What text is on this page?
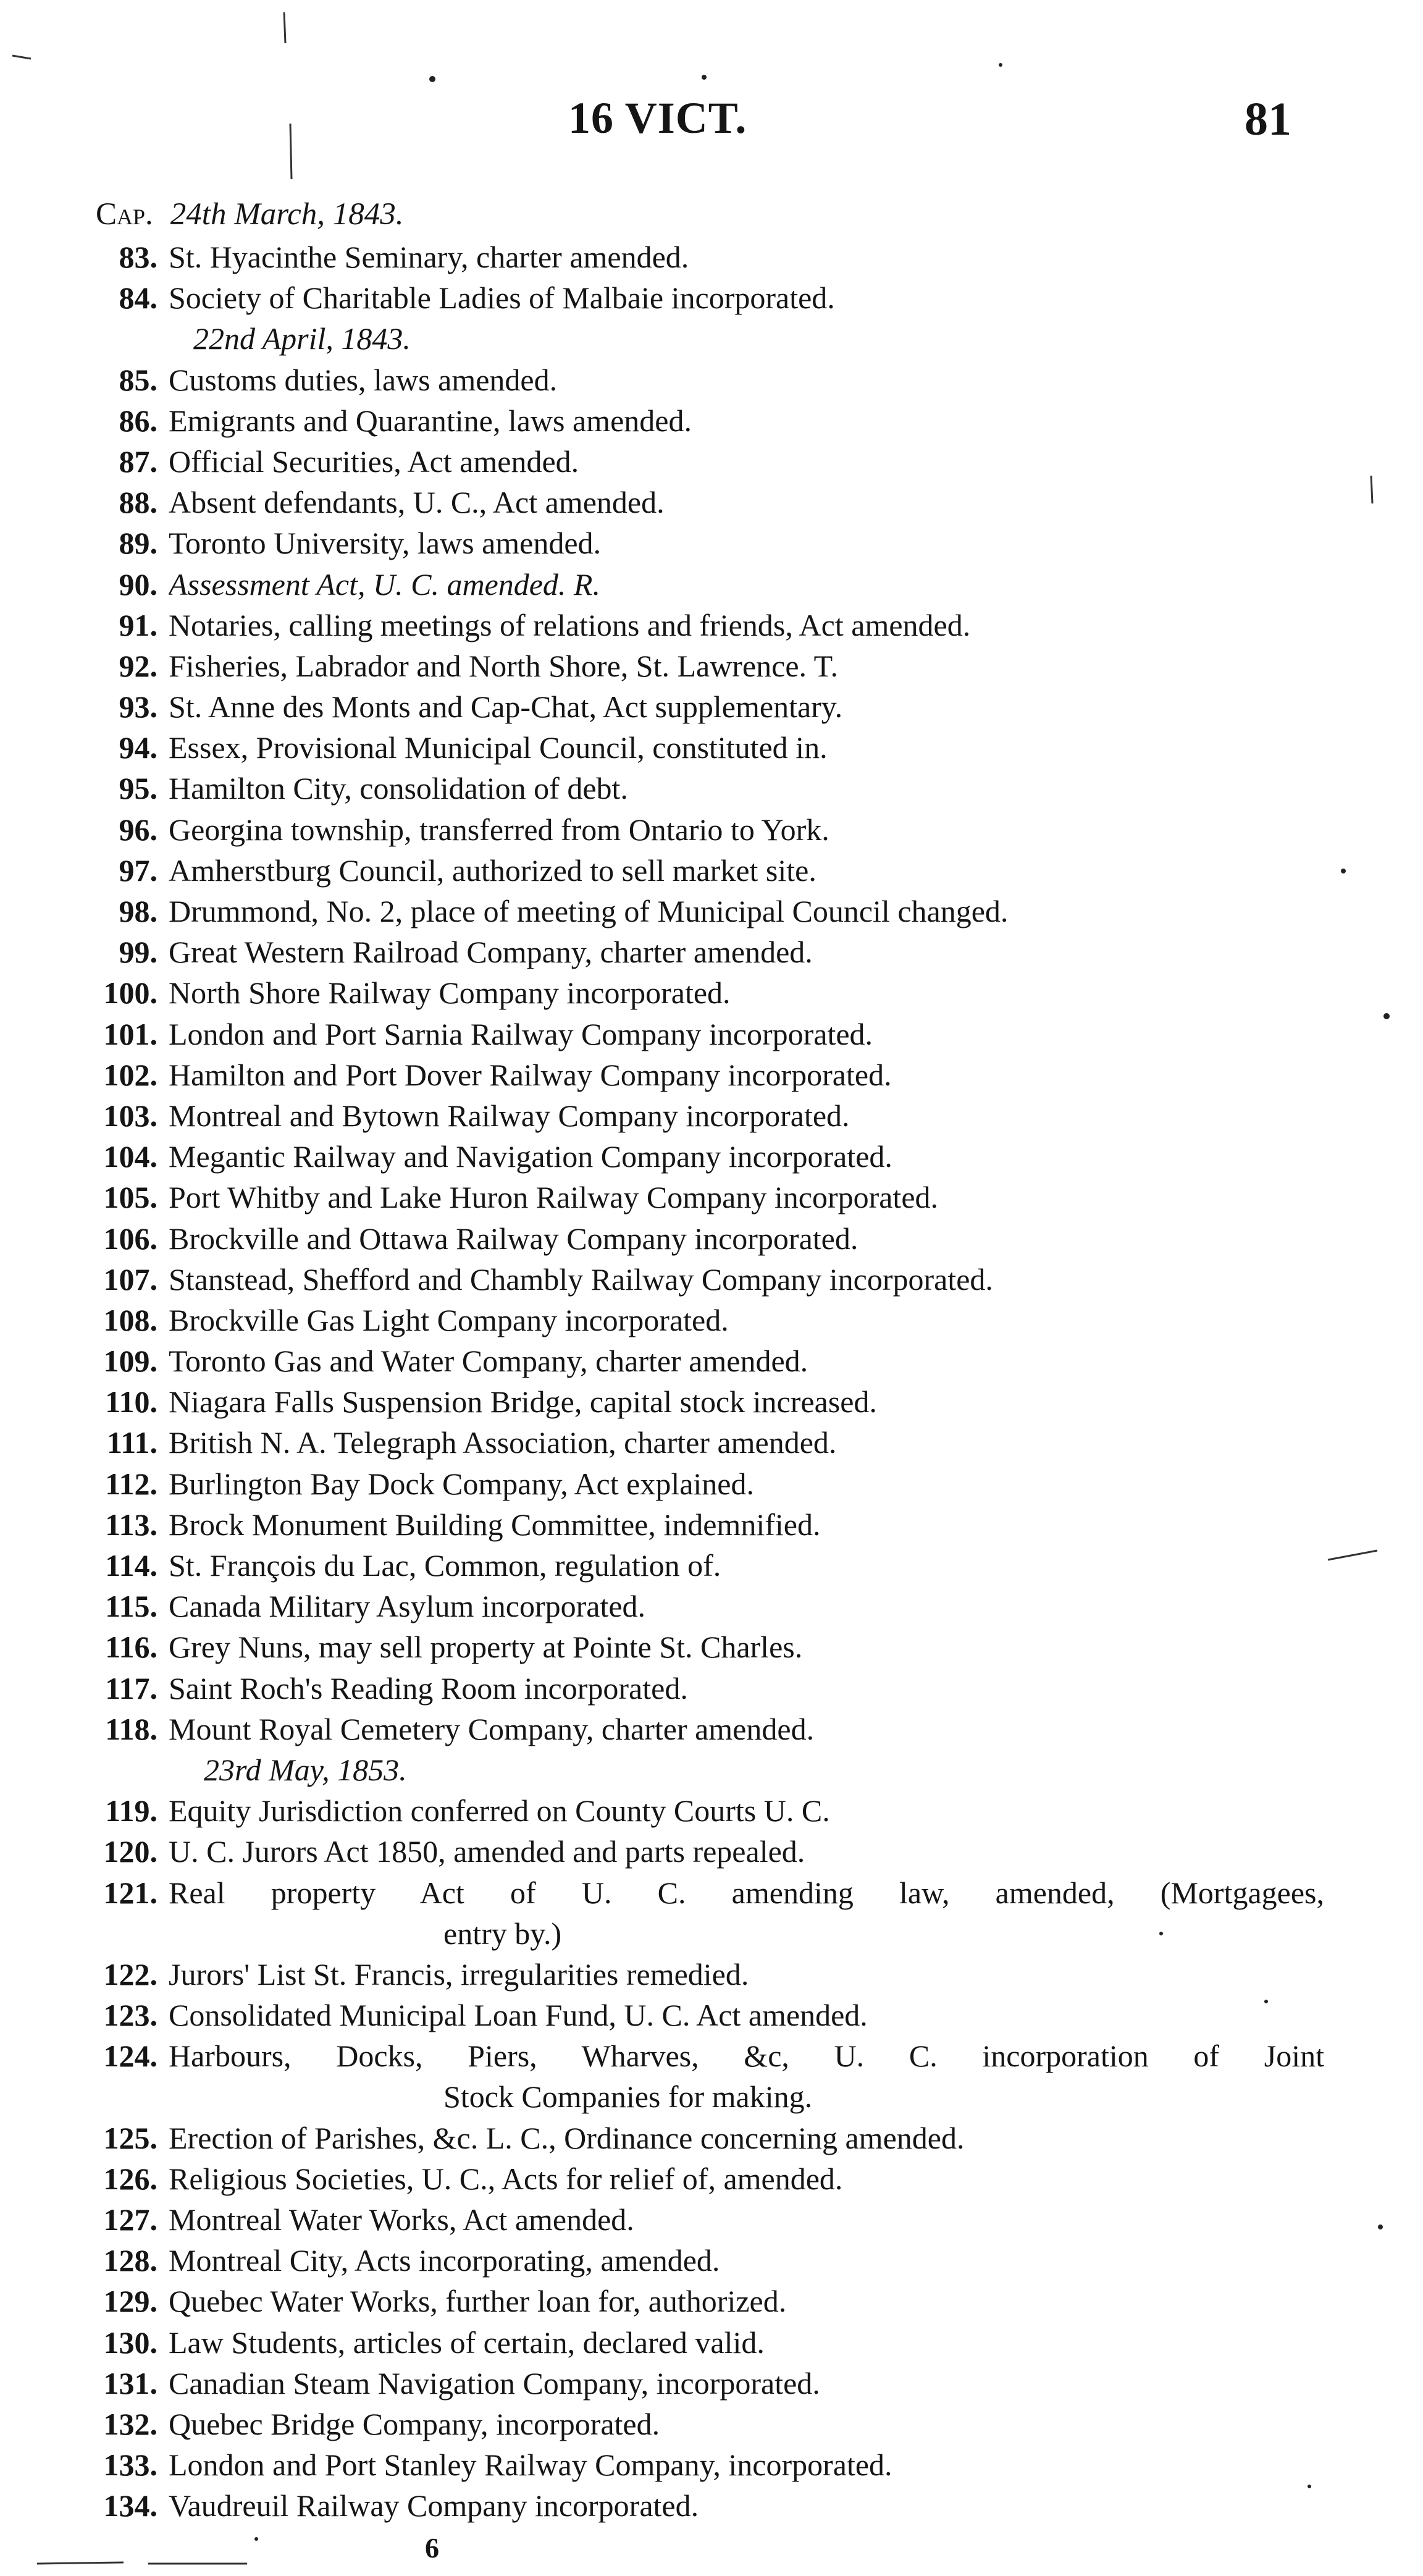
16 VICT.	81
Cap. 24th March, 1843.
83. St. Hyacinthe Seminary, charter amended.
84. Society of Charitable Ladies of Malbaie incorporated.
22nd April, 1843.
85. Customs duties, laws amended.
86. Emigrants and Quarantine, laws amended.
87. Official Securities, Act amended.
88. Absent defendants, U. C., Act amended.
89. Toronto University, laws amended.
90. Assessment Act, U. C. amended. R.
91. Notaries, calling meetings of relations and friends, Act amended.
92. Fisheries, Labrador and North Shore, St. Lawrence. T.
93. St. Anne des Monts and Cap-Chat, Act supplementary.
94. Essex, Provisional Municipal Council, constituted in.
95. Hamilton City, consolidation of debt.
96. Georgina township, transferred from Ontario to York.
97. Amherstburg Council, authorized to sell market site.
98. Drummond, No. 2, place of meeting of Municipal Council changed.
99. Great Western Railroad Company, charter amended.
100. North Shore Railway Company incorporated.
101. London and Port Sarnia Railway Company incorporated.
102. Hamilton and Port Dover Railway Company incorporated.
103. Montreal and Bytown Railway Company incorporated.
104. Megantic Railway and Navigation Company incorporated.
105. Port Whitby and Lake Huron Railway Company incorporated.
106. Brockville and Ottawa Railway Company incorporated.
107. Stanstead, Shefford and Chambly Railway Company incorporated.
108. Brockville Gas Light Company incorporated.
109. Toronto Gas and Water Company, charter amended.
110. Niagara Falls Suspension Bridge, capital stock increased.
111. British N. A. Telegraph Association, charter amended.
112. Burlington Bay Dock Company, Act explained.
113. Brock Monument Building Committee, indemnified.
114. St. François du Lac, Common, regulation of.
115. Canada Military Asylum incorporated.
116. Grey Nuns, may sell property at Pointe St. Charles.
117. Saint Roch's Reading Room incorporated.
118. Mount Royal Cemetery Company, charter amended.
23rd May, 1853.
119. Equity Jurisdiction conferred on County Courts U. C.
120. U. C. Jurors Act 1850, amended and parts repealed.
121. Real property Act of U. C. amending law, amended, (Mortgagees,
entry by.)
122. Jurors' List St. Francis, irregularities remedied.
123. Consolidated Municipal Loan Fund, U. C. Act amended.
124. Harbours, Docks, Piers, Wharves, &c, U. C. incorporation of Joint
Stock Companies for making.
125. Erection of Parishes, &c. L. C., Ordinance concerning amended.
126. Religious Societies, U. C., Acts for relief of, amended.
127. Montreal Water Works, Act amended.
128. Montreal City, Acts incorporating, amended.
129. Quebec Water Works, further loan for, authorized.
130. Law Students, articles of certain, declared valid.
131. Canadian Steam Navigation Company, incorporated.
132. Quebec Bridge Company, incorporated.
133. London and Port Stanley Railway Company, incorporated.
134. Vaudreuil Railway Company incorporated.
6
